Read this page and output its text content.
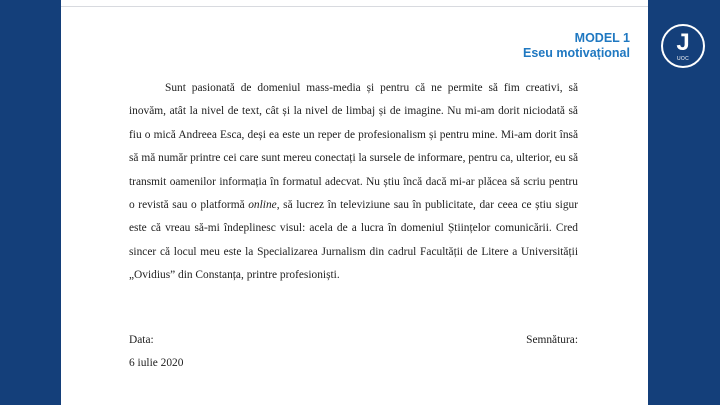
MODEL 1
Eseu motivațional

Sunt pasionată de domeniul mass-media și pentru că ne permite să fim creativi, să inovăm, atât la nivel de text, cât și la nivel de limbaj și de imagine. Nu mi-am dorit niciodată să fiu o mică Andreea Esca, deși ea este un reper de profesionalism și pentru mine. Mi-am dorit însă să mă număr printre cei care sunt mereu conectați la sursele de informare, pentru ca, ulterior, eu să transmit oamenilor informația în formatul adecvat. Nu știu încă dacă mi-ar plăcea să scriu pentru o revistă sau o platformă online, să lucrez în televiziune sau în publicitate, dar ceea ce știu sigur este că vreau să-mi îndeplinesc visul: acela de a lucra în domeniul Științelor comunicării. Cred sincer că locul meu este la Specializarea Jurnalism din cadrul Facultății de Litere a Universității „Ovidius” din Constanța, printre profesioniști.

Data:
6 iulie 2020
Semnătura:
J
UOC
